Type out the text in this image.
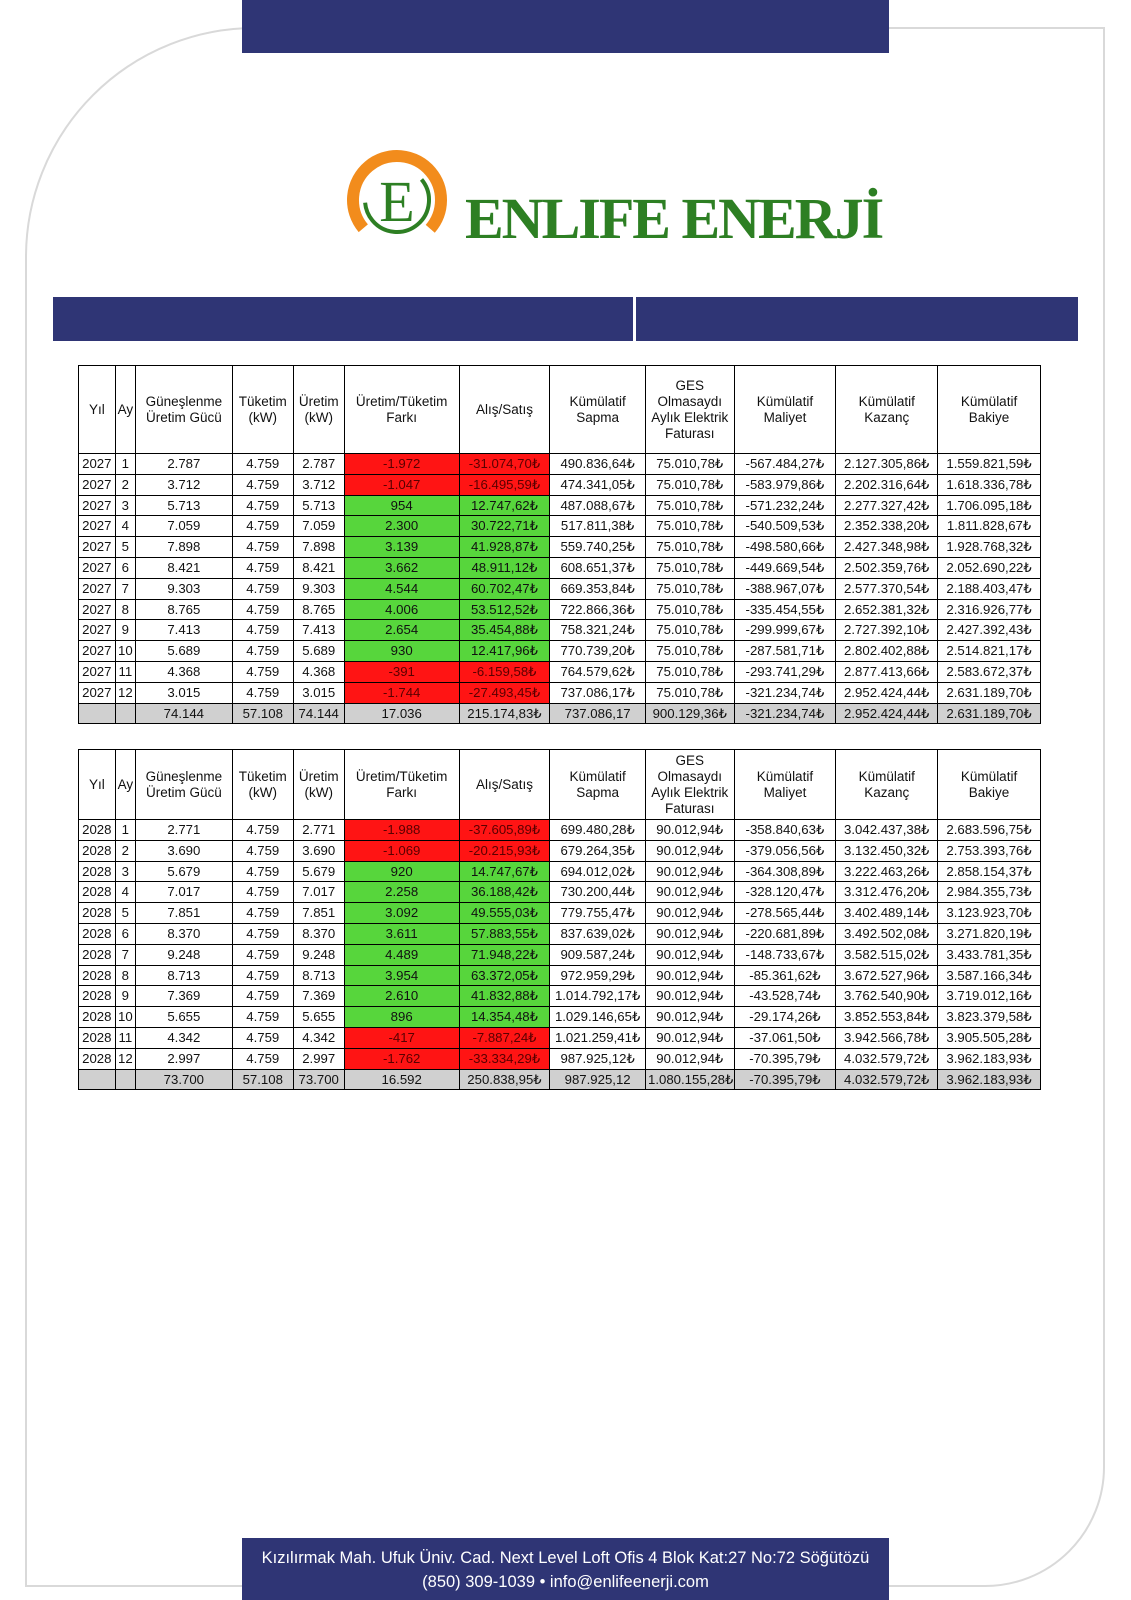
E ENLIFE ENERJİ
Yıl	Ay	Güneşlenme Üretim Gücü	Tüketim (kW)	Üretim (kW)	Üretim/Tüketim Farkı	Alış/Satış	Kümülatif Sapma	GES Olmasaydı Aylık Elektrik Faturası	Kümülatif Maliyet	Kümülatif Kazanç	Kümülatif Bakiye
2027	1	2.787	4.759	2.787	-1.972	-31.074,70₺	490.836,64₺	75.010,78₺	-567.484,27₺	2.127.305,86₺	1.559.821,59₺
2027	2	3.712	4.759	3.712	-1.047	-16.495,59₺	474.341,05₺	75.010,78₺	-583.979,86₺	2.202.316,64₺	1.618.336,78₺
2027	3	5.713	4.759	5.713	954	12.747,62₺	487.088,67₺	75.010,78₺	-571.232,24₺	2.277.327,42₺	1.706.095,18₺
2027	4	7.059	4.759	7.059	2.300	30.722,71₺	517.811,38₺	75.010,78₺	-540.509,53₺	2.352.338,20₺	1.811.828,67₺
2027	5	7.898	4.759	7.898	3.139	41.928,87₺	559.740,25₺	75.010,78₺	-498.580,66₺	2.427.348,98₺	1.928.768,32₺
2027	6	8.421	4.759	8.421	3.662	48.911,12₺	608.651,37₺	75.010,78₺	-449.669,54₺	2.502.359,76₺	2.052.690,22₺
2027	7	9.303	4.759	9.303	4.544	60.702,47₺	669.353,84₺	75.010,78₺	-388.967,07₺	2.577.370,54₺	2.188.403,47₺
2027	8	8.765	4.759	8.765	4.006	53.512,52₺	722.866,36₺	75.010,78₺	-335.454,55₺	2.652.381,32₺	2.316.926,77₺
2027	9	7.413	4.759	7.413	2.654	35.454,88₺	758.321,24₺	75.010,78₺	-299.999,67₺	2.727.392,10₺	2.427.392,43₺
2027	10	5.689	4.759	5.689	930	12.417,96₺	770.739,20₺	75.010,78₺	-287.581,71₺	2.802.402,88₺	2.514.821,17₺
2027	11	4.368	4.759	4.368	-391	-6.159,58₺	764.579,62₺	75.010,78₺	-293.741,29₺	2.877.413,66₺	2.583.672,37₺
2027	12	3.015	4.759	3.015	-1.744	-27.493,45₺	737.086,17₺	75.010,78₺	-321.234,74₺	2.952.424,44₺	2.631.189,70₺
		74.144	57.108	74.144	17.036	215.174,83₺	737.086,17	900.129,36₺	-321.234,74₺	2.952.424,44₺	2.631.189,70₺
Yıl	Ay	Güneşlenme Üretim Gücü	Tüketim (kW)	Üretim (kW)	Üretim/Tüketim Farkı	Alış/Satış	Kümülatif Sapma	GES Olmasaydı Aylık Elektrik Faturası	Kümülatif Maliyet	Kümülatif Kazanç	Kümülatif Bakiye
2028	1	2.771	4.759	2.771	-1.988	-37.605,89₺	699.480,28₺	90.012,94₺	-358.840,63₺	3.042.437,38₺	2.683.596,75₺
2028	2	3.690	4.759	3.690	-1.069	-20.215,93₺	679.264,35₺	90.012,94₺	-379.056,56₺	3.132.450,32₺	2.753.393,76₺
2028	3	5.679	4.759	5.679	920	14.747,67₺	694.012,02₺	90.012,94₺	-364.308,89₺	3.222.463,26₺	2.858.154,37₺
2028	4	7.017	4.759	7.017	2.258	36.188,42₺	730.200,44₺	90.012,94₺	-328.120,47₺	3.312.476,20₺	2.984.355,73₺
2028	5	7.851	4.759	7.851	3.092	49.555,03₺	779.755,47₺	90.012,94₺	-278.565,44₺	3.402.489,14₺	3.123.923,70₺
2028	6	8.370	4.759	8.370	3.611	57.883,55₺	837.639,02₺	90.012,94₺	-220.681,89₺	3.492.502,08₺	3.271.820,19₺
2028	7	9.248	4.759	9.248	4.489	71.948,22₺	909.587,24₺	90.012,94₺	-148.733,67₺	3.582.515,02₺	3.433.781,35₺
2028	8	8.713	4.759	8.713	3.954	63.372,05₺	972.959,29₺	90.012,94₺	-85.361,62₺	3.672.527,96₺	3.587.166,34₺
2028	9	7.369	4.759	7.369	2.610	41.832,88₺	1.014.792,17₺	90.012,94₺	-43.528,74₺	3.762.540,90₺	3.719.012,16₺
2028	10	5.655	4.759	5.655	896	14.354,48₺	1.029.146,65₺	90.012,94₺	-29.174,26₺	3.852.553,84₺	3.823.379,58₺
2028	11	4.342	4.759	4.342	-417	-7.887,24₺	1.021.259,41₺	90.012,94₺	-37.061,50₺	3.942.566,78₺	3.905.505,28₺
2028	12	2.997	4.759	2.997	-1.762	-33.334,29₺	987.925,12₺	90.012,94₺	-70.395,79₺	4.032.579,72₺	3.962.183,93₺
		73.700	57.108	73.700	16.592	250.838,95₺	987.925,12	1.080.155,28₺	-70.395,79₺	4.032.579,72₺	3.962.183,93₺
Kızılırmak Mah. Ufuk Üniv. Cad. Next Level Loft Ofis 4 Blok Kat:27 No:72 Söğütözü
(850) 309-1039 • info@enlifeenerji.com
